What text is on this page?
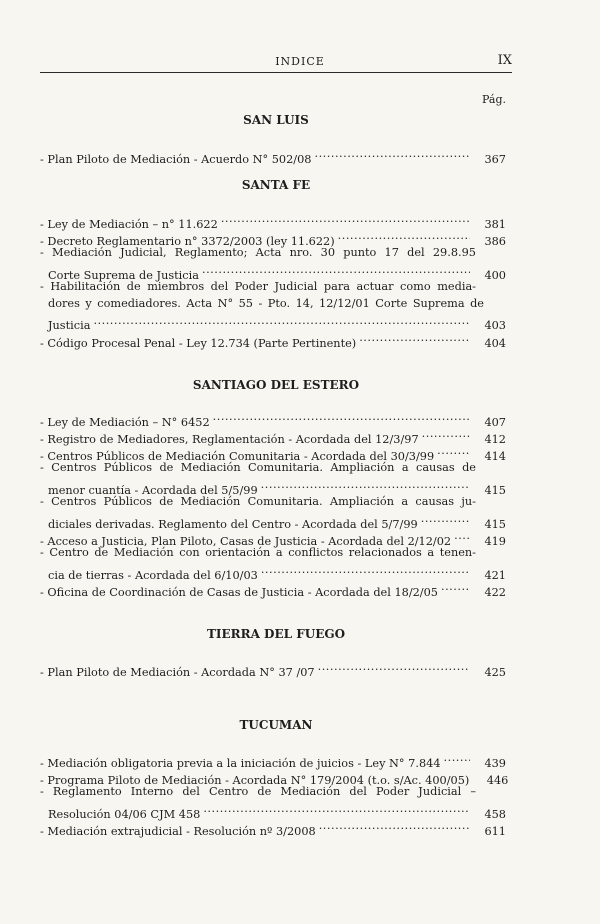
INDICE	IX
Pág.
SAN LUIS
- Plan Piloto de Mediación - Acuerdo N° 502/08 .....	367
SANTA FE
- Ley de Mediación – n° 11.622 .....	381
- Decreto Reglamentario n° 3372/2003 (ley 11.622) .....	386
- Mediación Judicial, Reglamento; Acta nro. 30 punto 17 del 29.8.95
Corte Suprema de Justicia .....	400
- Habilitación de miembros del Poder Judicial para actuar como media-
dores y comediadores. Acta N° 55 - Pto. 14, 12/12/01 Corte Suprema de
Justicia .....	403
- Código Procesal Penal - Ley 12.734 (Parte Pertinente) .....	404
SANTIAGO DEL ESTERO
- Ley de Mediación – N° 6452 .....	407
- Registro de Mediadores, Reglamentación - Acordada del 12/3/97 .....	412
- Centros Públicos de Mediación Comunitaria - Acordada del 30/3/99 .....	414
- Centros Públicos de Mediación Comunitaria. Ampliación a causas de
menor cuantía - Acordada del 5/5/99 .....	415
- Centros Públicos de Mediación Comunitaria. Ampliación a causas ju-
diciales derivadas. Reglamento del Centro - Acordada del 5/7/99 .....	415
- Acceso a Justicia, Plan Piloto, Casas de Justicia - Acordada del 2/12/02 .....	419
- Centro de Mediación con orientación a conflictos relacionados a tenen-
cia de tierras - Acordada del 6/10/03 .....	421
- Oficina de Coordinación de Casas de Justicia - Acordada del 18/2/05 .....	422
TIERRA DEL FUEGO
- Plan Piloto de Mediación - Acordada N° 37 /07 .....	425
TUCUMAN
- Mediación obligatoria previa a la iniciación de juicios - Ley N° 7.844 .....	439
- Programa Piloto de Mediación - Acordada N° 179/2004 (t.o. s/Ac. 400/05)	446
- Reglamento Interno del Centro de Mediación del Poder Judicial –
Resolución 04/06 CJM 458 .....	458
- Mediación extrajudicial - Resolución nº 3/2008 .....	611
